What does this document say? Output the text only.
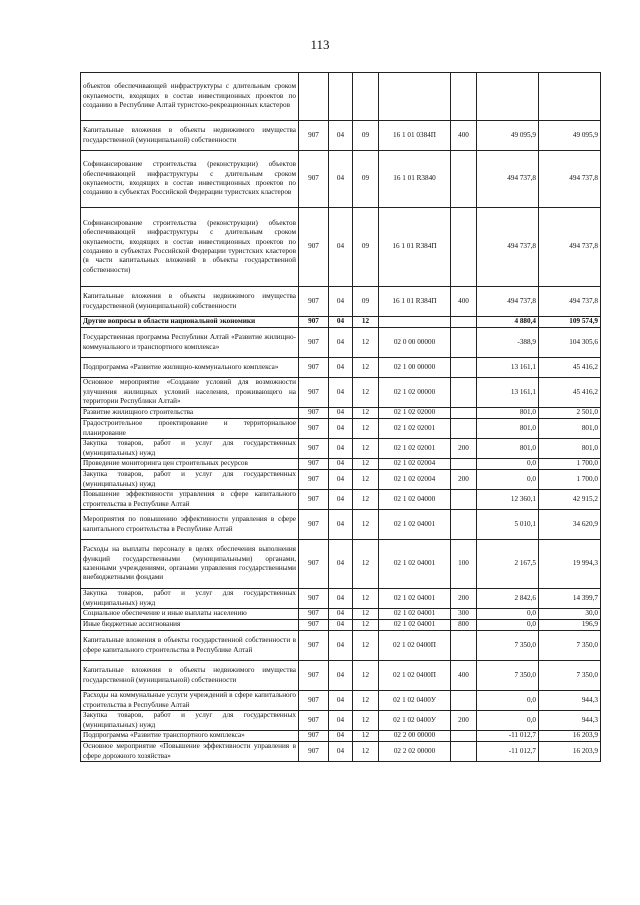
113
объектов обеспечивающей инфраструктуры с длительным сроком окупаемости, входящих в состав инвестиционных проектов по созданию в Республике Алтай туристско-рекреационных кластеров							
Капитальные вложения в объекты недвижимого имущества государственной (муниципальной) собственности	907	04	09	16 1 01 0384П	400	49 095,9	49 095,9
Софинансирование строительства (реконструкции) объектов обеспечивающей инфраструктуры с длительным сроком окупаемости, входящих в состав инвестиционных проектов по созданию в субъектах Российской Федерации туристских кластеров	907	04	09	16 1 01 R3840		494 737,8	494 737,8
Софинансирование строительства (реконструкции) объектов обеспечивающей инфраструктуры с длительным сроком окупаемости, входящих в состав инвестиционных проектов по созданию в субъектах Российской Федерации туристских кластеров (в части капитальных вложений в объекты государственной собственности)	907	04	09	16 1 01 R384П		494 737,8	494 737,8
Капитальные вложения в объекты недвижимого имущества государственной (муниципальной) собственности	907	04	09	16 1 01 R384П	400	494 737,8	494 737,8
Другие вопросы в области национальной экономики	907	04	12			4 880,4	109 574,9
Государственная программа Республики Алтай «Развитие жилищно-коммунального и транспортного комплекса»	907	04	12	02 0 00 00000		-388,9	104 305,6
Подпрограмма «Развитие жилищно-коммунального комплекса»	907	04	12	02 1 00 00000		13 161,1	45 416,2
Основное мероприятие «Создание условий для возможности улучшения жилищных условий населения, проживающего на территории Республики Алтай»	907	04	12	02 1 02 00000		13 161,1	45 416,2
Развитие жилищного строительства	907	04	12	02 1 02 02000		801,0	2 501,0
Градостроительное проектирование и территориальное планирование	907	04	12	02 1 02 02001		801,0	801,0
Закупка товаров, работ и услуг для государственных (муниципальных) нужд	907	04	12	02 1 02 02001	200	801,0	801,0
Проведение мониторинга цен строительных ресурсов	907	04	12	02 1 02 02004		0,0	1 700,0
Закупка товаров, работ и услуг для государственных (муниципальных) нужд	907	04	12	02 1 02 02004	200	0,0	1 700,0
Повышение эффективности управления в сфере капитального строительства в Республике Алтай	907	04	12	02 1 02 04000		12 360,1	42 915,2
Мероприятия по повышению эффективности управления в сфере капитального строительства в Республике Алтай	907	04	12	02 1 02 04001		5 010,1	34 620,9
Расходы на выплаты персоналу в целях обеспечения выполнения функций государственными (муниципальными) органами, казенными учреждениями, органами управления государственными внебюджетными фондами	907	04	12	02 1 02 04001	100	2 167,5	19 994,3
Закупка товаров, работ и услуг для государственных (муниципальных) нужд	907	04	12	02 1 02 04001	200	2 842,6	14 399,7
Социальное обеспечение и иные выплаты населению	907	04	12	02 1 02 04001	300	0,0	30,0
Иные бюджетные ассигнования	907	04	12	02 1 02 04001	800	0,0	196,9
Капитальные вложения в объекты государственной собственности в сфере капитального строительства в Республике Алтай	907	04	12	02 1 02 0400П		7 350,0	7 350,0
Капитальные вложения в объекты недвижимого имущества государственной (муниципальной) собственности	907	04	12	02 1 02 0400П	400	7 350,0	7 350,0
Расходы на коммунальные услуги учреждений в сфере капитального строительства в Республике Алтай	907	04	12	02 1 02 0400У		0,0	944,3
Закупка товаров, работ и услуг для государственных (муниципальных) нужд	907	04	12	02 1 02 0400У	200	0,0	944,3
Подпрограмма «Развитие транспортного комплекса»	907	04	12	02 2 00 00000		-11 012,7	16 203,9
Основное мероприятие «Повышение эффективности управления в сфере дорожного хозяйства»	907	04	12	02 2 02 00000		-11 012,7	16 203,9
